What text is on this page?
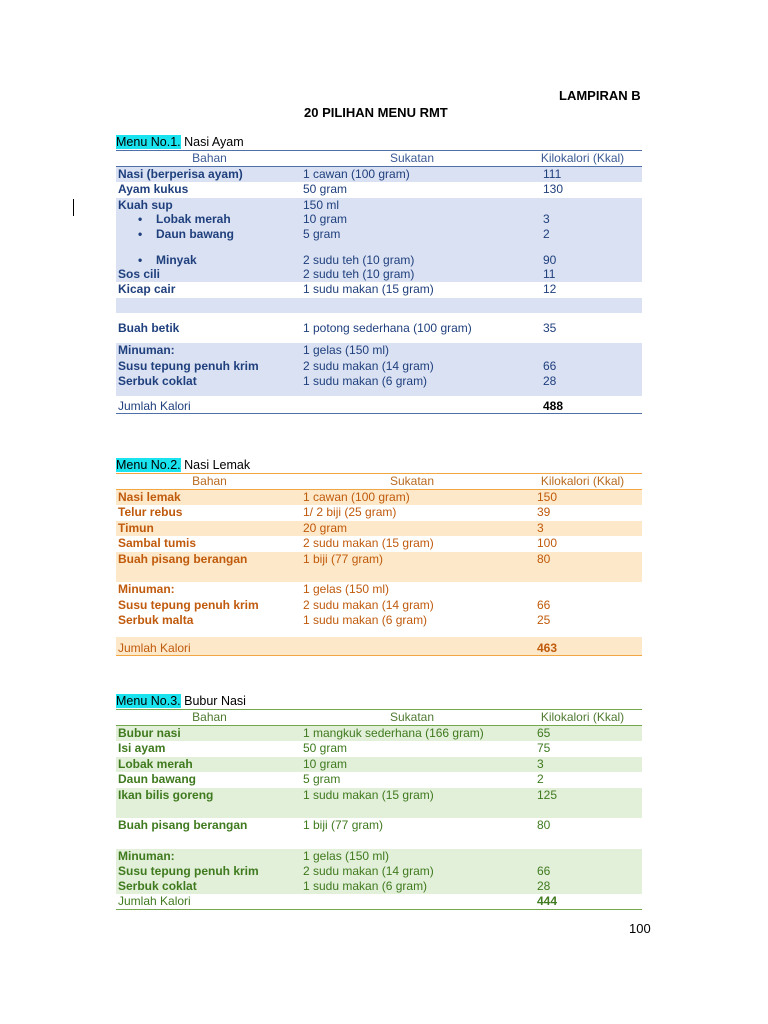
LAMPIRAN B
20 PILIHAN MENU RMT
Menu No.1. Nasi Ayam
Bahan	Sukatan	Kilokalori (Kkal)
Nasi (berperisa ayam)	1 cawan (100 gram)	111
Ayam kukus	50 gram	130
Kuah sup	150 ml	
• Lobak merah	10 gram	3
• Daun bawang	5 gram	2
• Minyak	2 sudu teh (10 gram)	90
Sos cili	2 sudu teh (10 gram)	11
Kicap cair	1 sudu makan (15 gram)	12

Buah betik	1 potong sederhana (100 gram)	35
Minuman:	1 gelas (150 ml)	
Susu tepung penuh krim	2 sudu makan (14 gram)	66
Serbuk coklat	1 sudu makan (6 gram)	28
Jumlah Kalori		488
Menu No.2. Nasi Lemak
Bahan	Sukatan	Kilokalori (Kkal)
Nasi lemak	1 cawan (100 gram)	150
Telur rebus	1/ 2 biji (25 gram)	39
Timun	20 gram	3
Sambal tumis	2 sudu makan (15 gram)	100
Buah pisang berangan	1 biji (77 gram)	80
Minuman:	1 gelas (150 ml)	
Susu tepung penuh krim	2 sudu makan (14 gram)	66
Serbuk malta	1 sudu makan (6 gram)	25
Jumlah Kalori		463
Menu No.3. Bubur Nasi
Bahan	Sukatan	Kilokalori (Kkal)
Bubur nasi	1 mangkuk sederhana (166 gram)	65
Isi ayam	50 gram	75
Lobak merah	10 gram	3
Daun bawang	5 gram	2
Ikan bilis goreng	1 sudu makan (15 gram)	125
Buah pisang berangan	1 biji (77 gram)	80
Minuman:	1 gelas (150 ml)	
Susu tepung penuh krim	2 sudu makan (14 gram)	66
Serbuk coklat	1 sudu makan (6 gram)	28
Jumlah Kalori		444
100
